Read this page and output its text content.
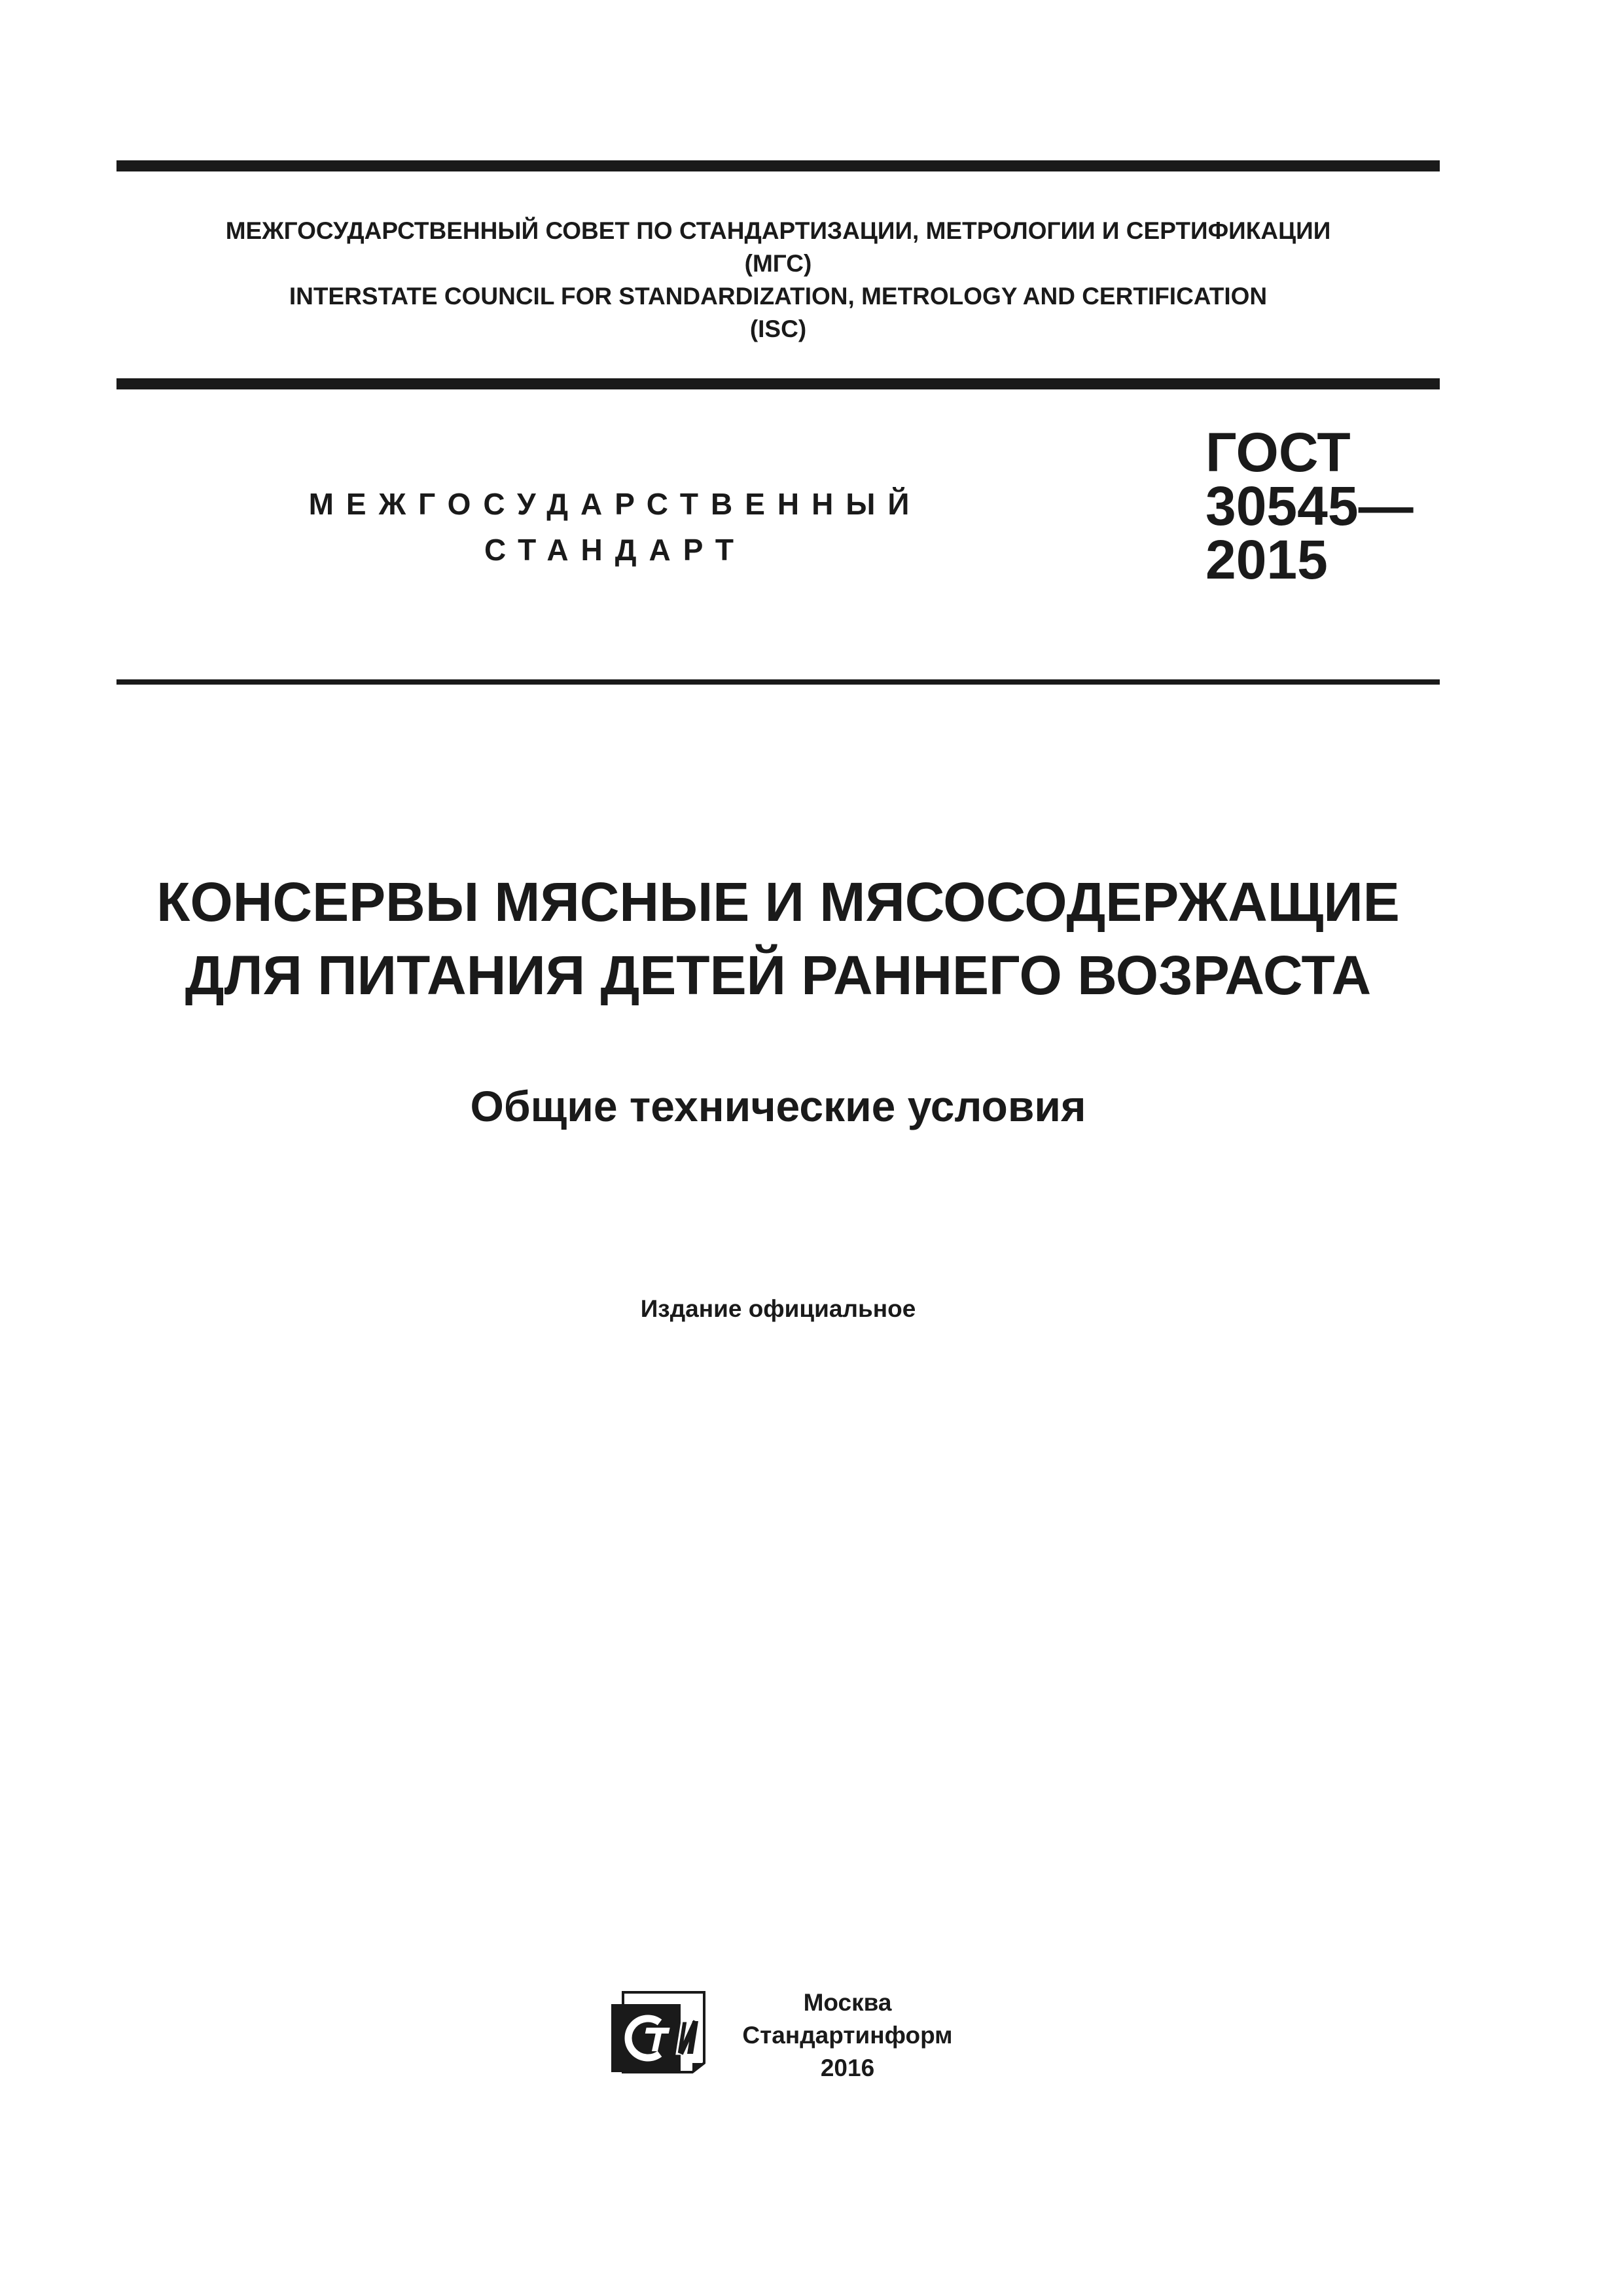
МЕЖГОСУДАРСТВЕННЫЙ СОВЕТ ПО СТАНДАРТИЗАЦИИ, МЕТРОЛОГИИ И СЕРТИФИКАЦИИ
(МГС)
INTERSTATE COUNCIL FOR STANDARDIZATION, METROLOGY AND CERTIFICATION
(ISC)
МЕЖГОСУДАРСТВЕННЫЙ
СТАНДАРТ
ГОСТ
30545—
2015
КОНСЕРВЫ МЯСНЫЕ И МЯСОСОДЕРЖАЩИЕ
ДЛЯ ПИТАНИЯ ДЕТЕЙ РАННЕГО ВОЗРАСТА
Общие технические условия
Издание официальное
СТИ	Москва
Стандартинформ
2016
